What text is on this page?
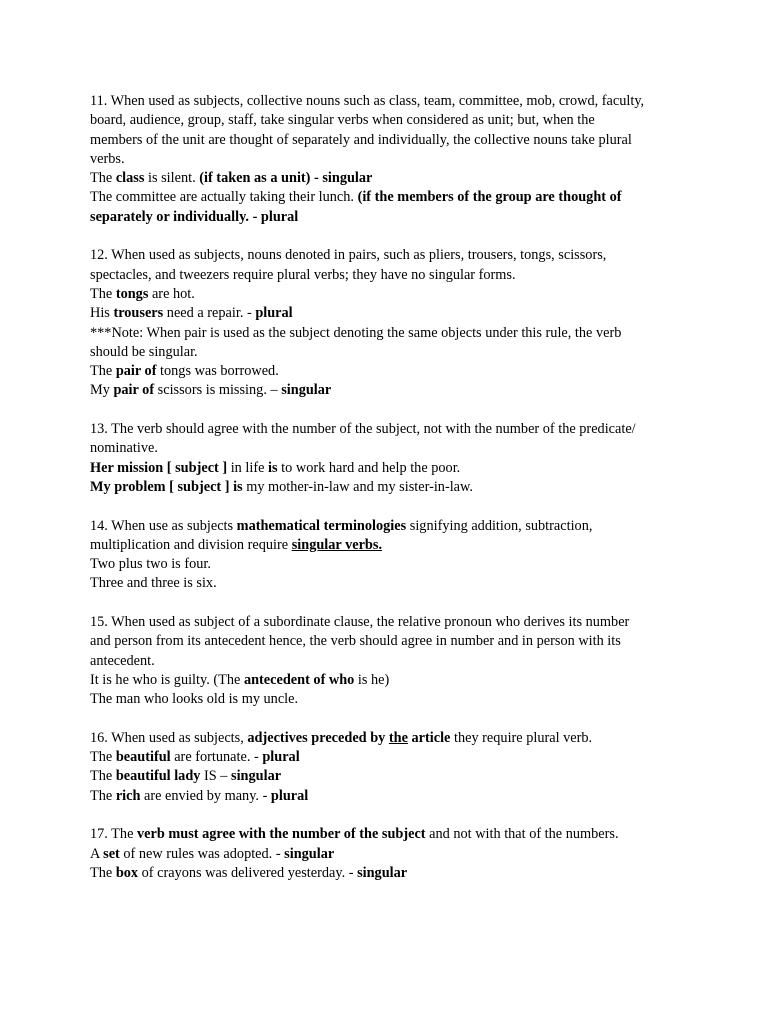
11. When used as subjects, collective nouns such as class, team, committee, mob, crowd, faculty,
board, audience, group, staff, take singular verbs when considered as unit; but, when the
members of the unit are thought of separately and individually, the collective nouns take plural
verbs.
The class is silent. (if taken as a unit) - singular
The committee are actually taking their lunch. (if the members of the group are thought of
separately or individually. - plural
12. When used as subjects, nouns denoted in pairs, such as pliers, trousers, tongs, scissors,
spectacles, and tweezers require plural verbs; they have no singular forms.
The tongs are hot.
His trousers need a repair. - plural
***Note: When pair is used as the subject denoting the same objects under this rule, the verb
should be singular.
The pair of tongs was borrowed.
My pair of scissors is missing. – singular
13. The verb should agree with the number of the subject, not with the number of the predicate/
nominative.
Her mission [ subject ] in life is to work hard and help the poor.
My problem [ subject ] is my mother-in-law and my sister-in-law.
14. When use as subjects mathematical terminologies signifying addition, subtraction,
multiplication and division require singular verbs.
Two plus two is four.
Three and three is six.
15. When used as subject of a subordinate clause, the relative pronoun who derives its number
and person from its antecedent hence, the verb should agree in number and in person with its
antecedent.
It is he who is guilty. (The antecedent of who is he)
The man who looks old is my uncle.
16. When used as subjects, adjectives preceded by the article they require plural verb.
The beautiful are fortunate. - plural
The beautiful lady IS – singular
The rich are envied by many. - plural
17. The verb must agree with the number of the subject and not with that of the numbers.
A set of new rules was adopted. - singular
The box of crayons was delivered yesterday. - singular
